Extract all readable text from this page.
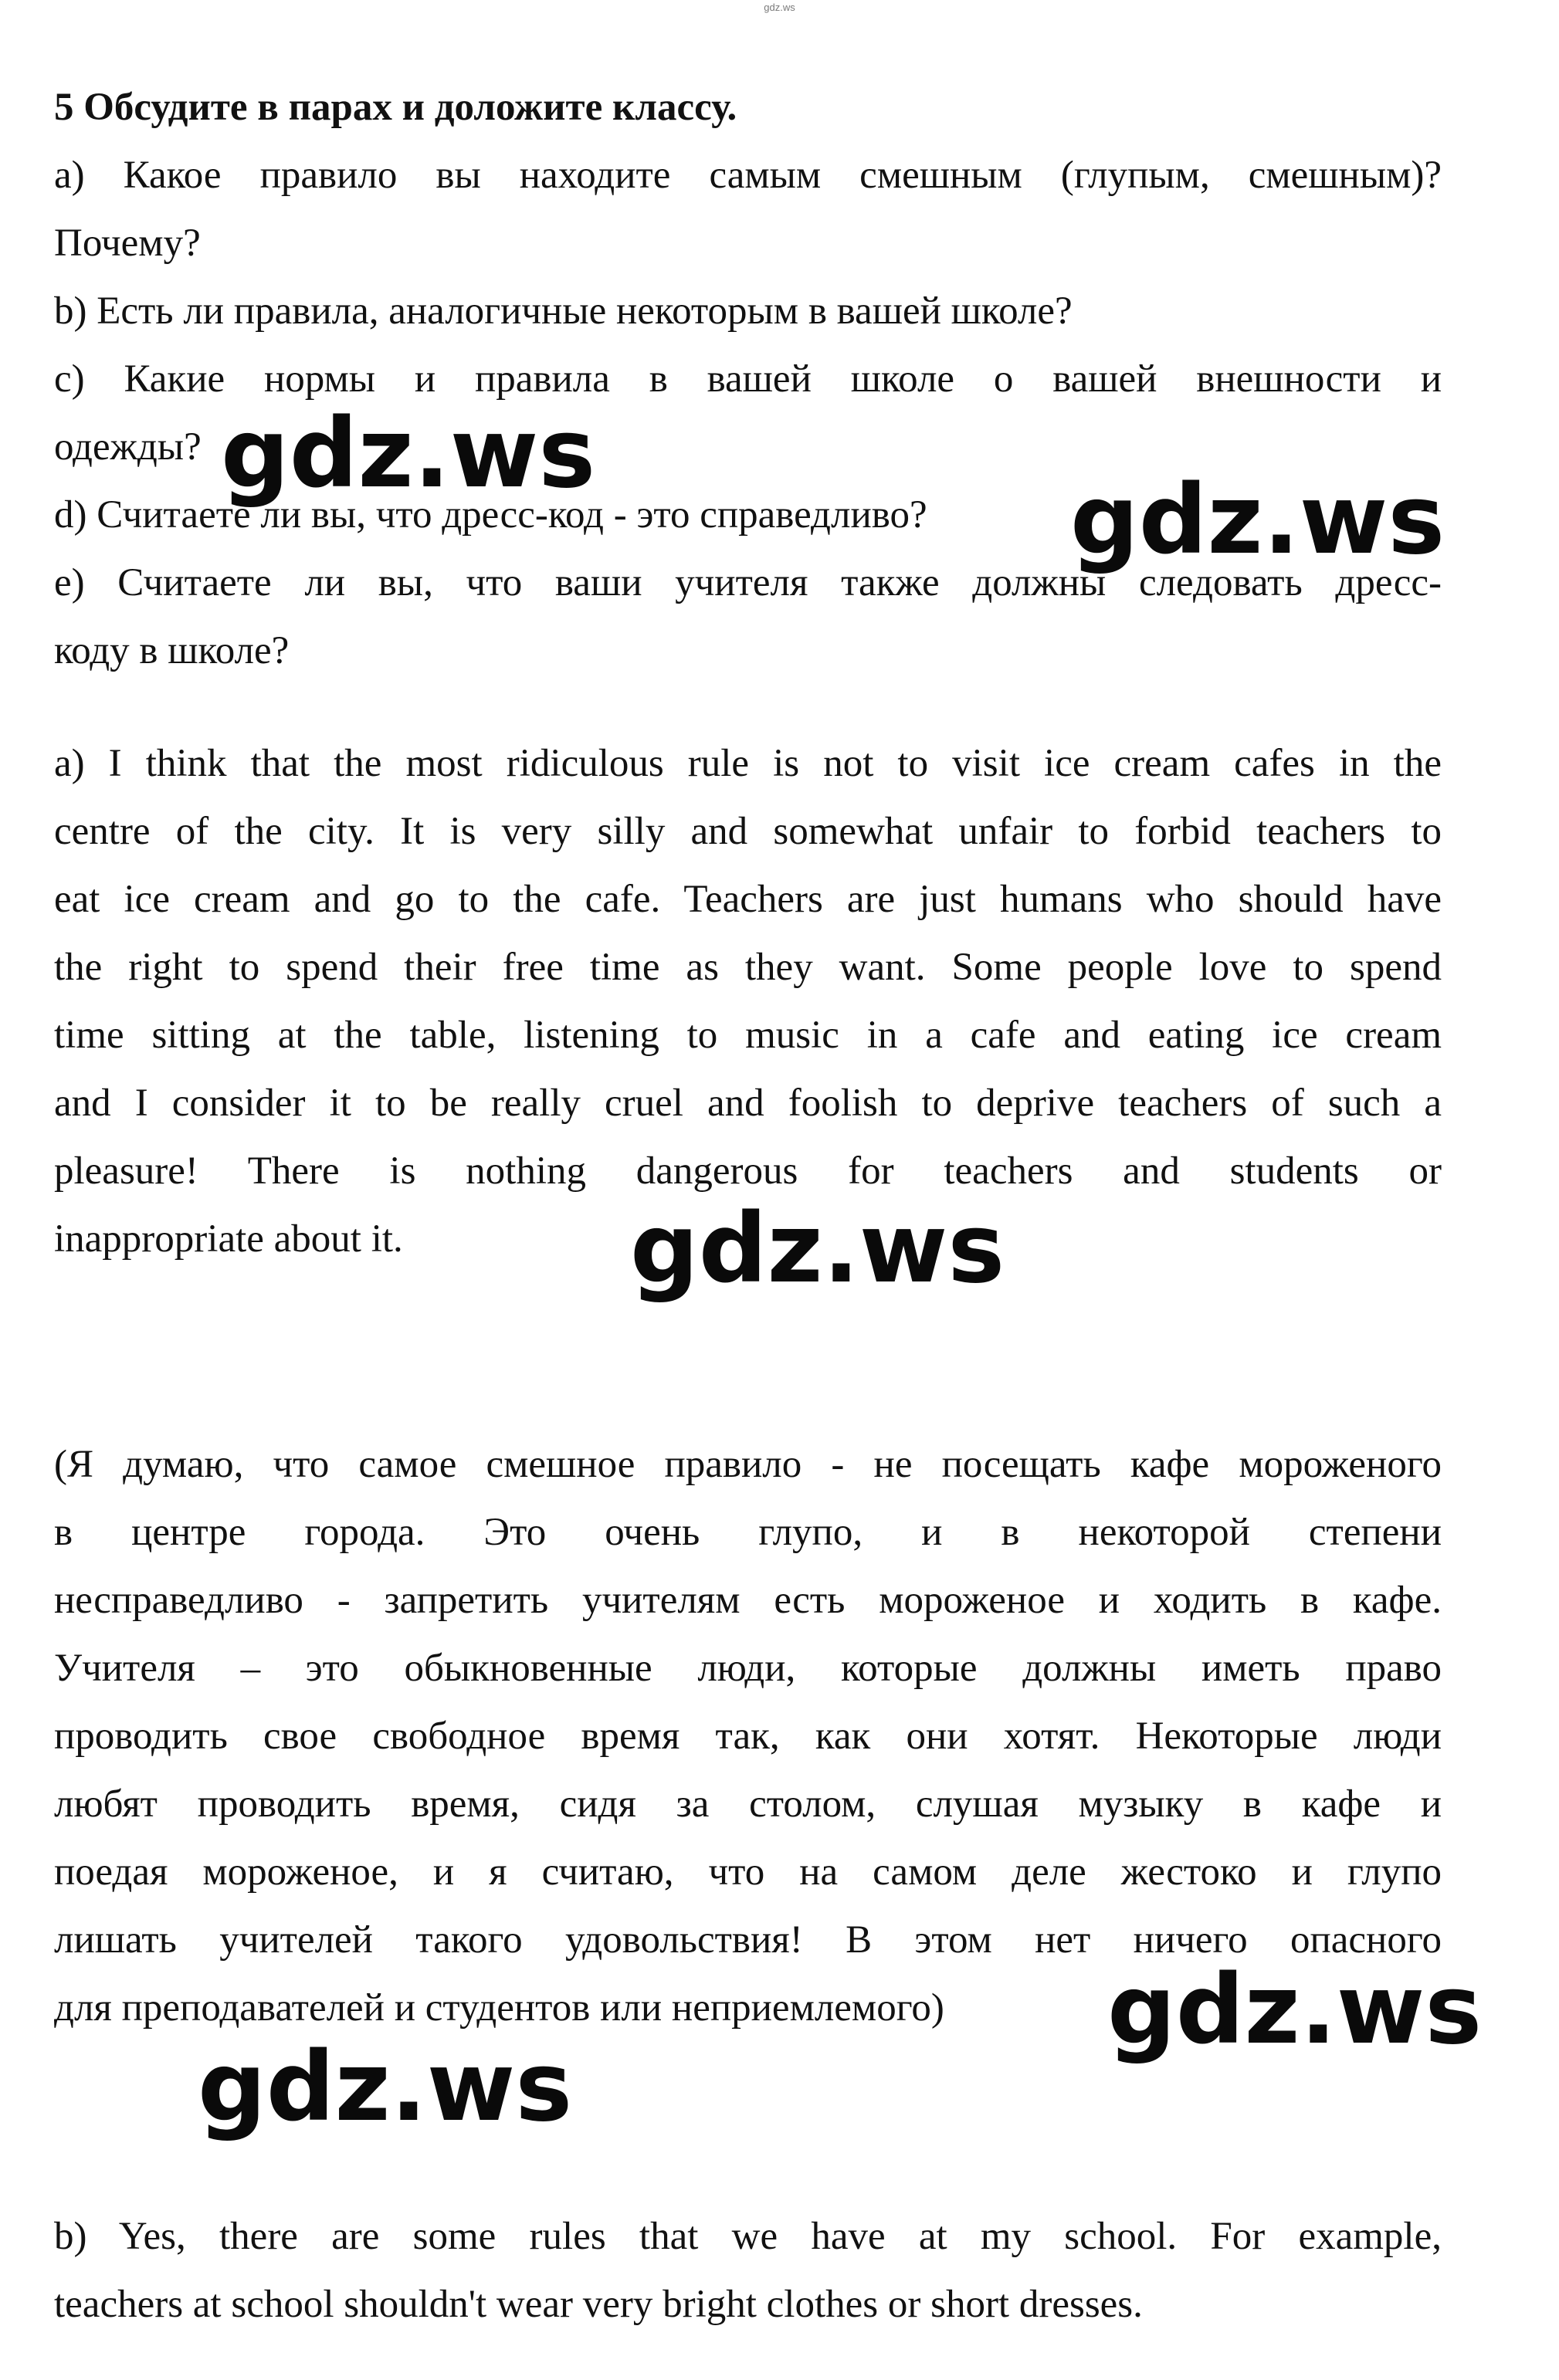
gdz.ws
5 Обсудите в парах и доложите классу.
a) Какое правило вы находите самым смешным (глупым, смешным)?
Почему?
b) Есть ли правила, аналогичные некоторым в вашей школе?
c) Какие нормы и правила в вашей школе о вашей внешности и
одежды?
d) Считаете ли вы, что дресс-код - это справедливо?
e) Считаете ли вы, что ваши учителя также должны следовать дресс-
коду в школе?
a) I think that the most ridiculous rule is not to visit ice cream cafes in the
centre of the city. It is very silly and somewhat unfair to forbid teachers to
eat ice cream and go to the cafe. Teachers are just humans who should have
the right to spend their free time as they want. Some people love to spend
time sitting at the table, listening to music in a cafe and eating ice cream
and I consider it to be really cruel and foolish to deprive teachers of such a
pleasure! There is nothing dangerous for teachers and students or
inappropriate about it.
(Я думаю, что самое смешное правило - не посещать кафе мороженого
в центре города. Это очень глупо, и в некоторой степени
несправедливо - запретить учителям есть мороженое и ходить в кафе.
Учителя – это обыкновенные люди, которые должны иметь право
проводить свое свободное время так, как они хотят. Некоторые люди
любят проводить время, сидя за столом, слушая музыку в кафе и
поедая мороженое, и я считаю, что на самом деле жестоко и глупо
лишать учителей такого удовольствия! В этом нет ничего опасного
для преподавателей и студентов или неприемлемого)
b) Yes, there are some rules that we have at my school. For example,
teachers at school shouldn't wear very bright clothes or short dresses.
gdz.ws
gdz.ws
gdz.ws
gdz.ws
gdz.ws
